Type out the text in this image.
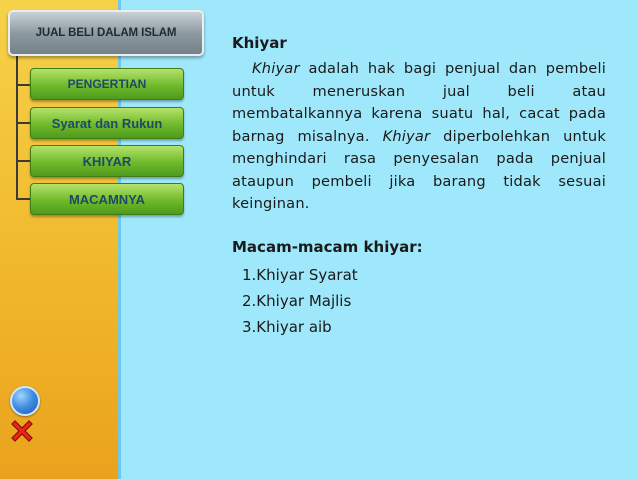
JUAL BELI DALAM ISLAM
PENGERTIAN
Syarat dan Rukun
KHIYAR
MACAMNYA
Khiyar

Khiyar adalah hak bagi penjual dan pembeli untuk meneruskan jual beli atau membatalkannya karena suatu hal, cacat pada barnag misalnya. Khiyar diperbolehkan untuk menghindari rasa penyesalan pada penjual ataupun pembeli jika barang tidak sesuai keinginan.

Macam-macam khiyar:
1.Khiyar Syarat
2.Khiyar Majlis
3.Khiyar aib
